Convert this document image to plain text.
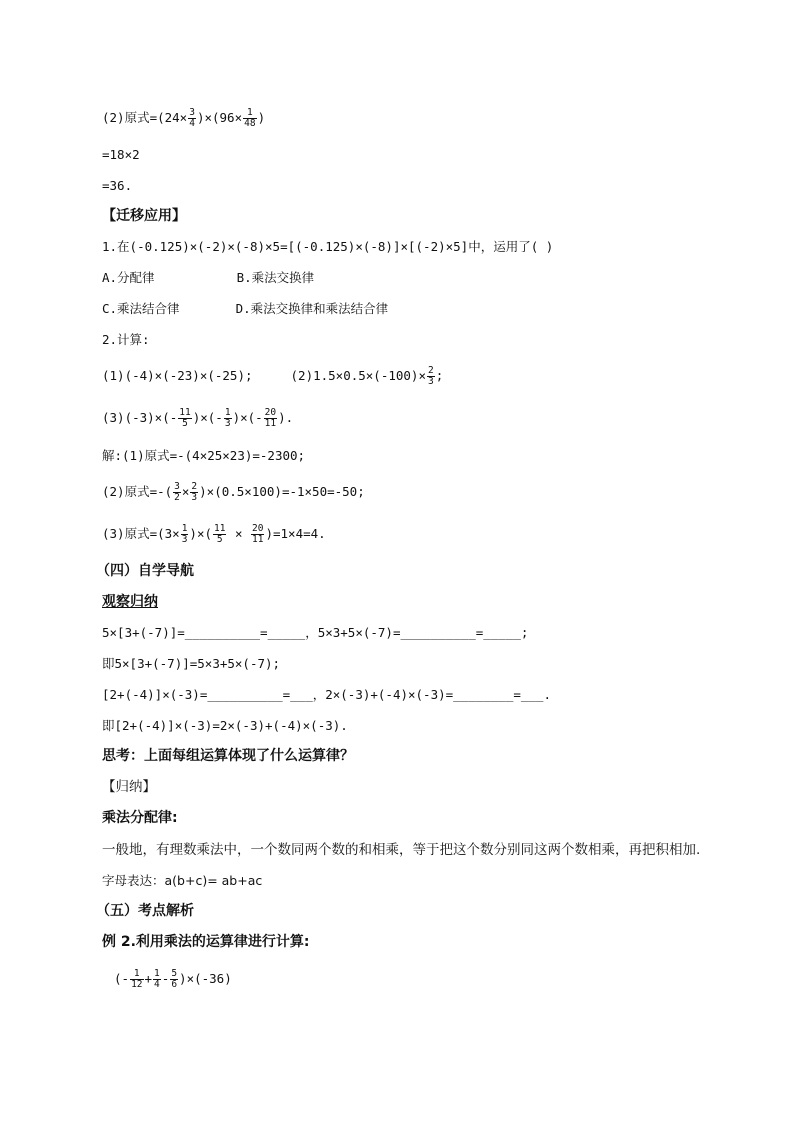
(2)原式$=(24\times \frac{3}{4} )\times(96\times \frac{1}{48}$ )
=18×2
=36.
【迁移应用】
1.在(-0.125)×(-2)×(-8)×5=[(-0.125)×(-8)]×[(-2)×5]中，运用了( )
A.分配律	B.乘法交换律
C.乘法结合律	D.乘法交换律和乘法结合律
2.计算:
(1)(-4)×(-23)×(-25);	$(2)1.5\times 0.5\times(-100)\times \frac{2}{3}$ ;
$(3)(-3)\times(- \frac{11}{5}$ )×(- $\frac{1}{3}$ )×(- $\frac{20}{11}$ ).
解:(1)原式=-(4×25×23)=-2300;
(2)原式=-( $\frac{3}{2} \times \frac{2}{3} )\times(0.5\times 100)=-1\times 50=-50$;
(3)原式$=(3\times \frac{1}{3}$ )×( $\frac{11}{5} \times \frac{20}{11} )=1\times 4=4$.
（四）自学导航
观察归纳
5×[3+(-7)]=__________=_____，5×3+5×(-7)=__________=_____;
即5×[3+(-7)]=5×3+5×(-7);
[2+(-4)]×(-3)=__________=___，2×(-3)+(-4)×(-3)=________=___.
即[2+(-4)]×(-3)=2×(-3)+(-4)×(-3).
思考：上面每组运算体现了什么运算律？
【归纳】
乘法分配律:
一般地，有理数乘法中，一个数同两个数的和相乘，等于把这个数分别同这两个数相乘，再把积相加.
字母表达：a(b+c)= ab+ac
（五）考点解析
例 2.利用乘法的运算律进行计算:
(- $\frac{1}{12} + \frac{1}{4} - \frac{5}{6} )\times(-36)$
